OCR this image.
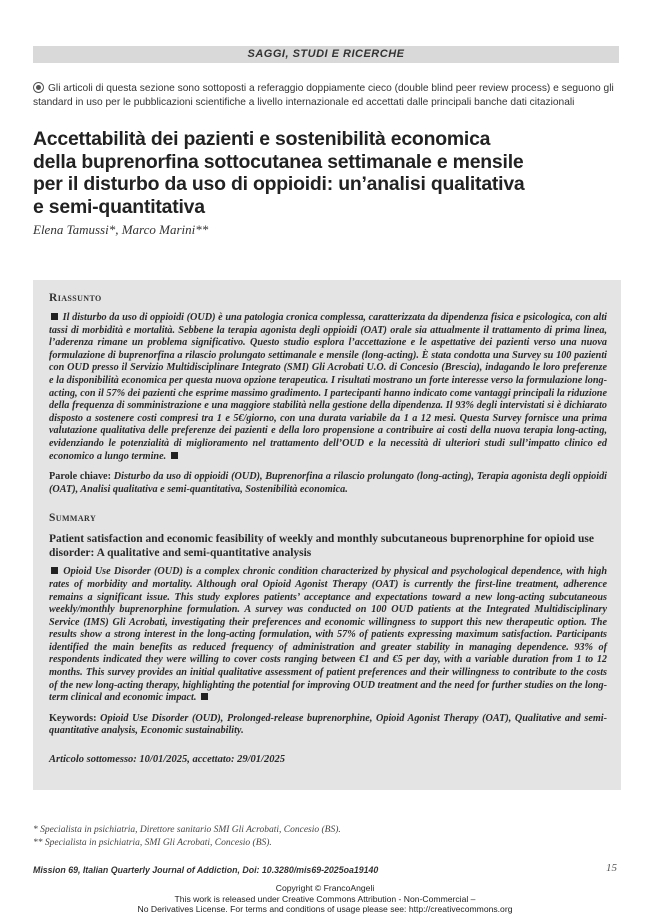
SAGGI, STUDI E RICERCHE
Gli articoli di questa sezione sono sottoposti a referaggio doppiamente cieco (double blind peer review process) e seguono gli standard in uso per le pubblicazioni scientifiche a livello internazionale ed accettati dalle principali banche dati citazionali
Accettabilità dei pazienti e sostenibilità economica
della buprenorfina sottocutanea settimanale e mensile
per il disturbo da uso di oppioidi: un’analisi qualitativa
e semi-quantitativa
Elena Tamussi*, Marco Marini**

Riassunto

Il disturbo da uso di oppioidi (OUD) è una patologia cronica complessa, caratterizzata da dipendenza fisica e psicologica, con alti tassi di morbidità e mortalità. Sebbene la terapia agonista degli oppioidi (OAT) orale sia attualmente il trattamento di prima linea, l’aderenza rimane un problema significativo. Questo studio esplora l’accettazione e le aspettative dei pazienti verso una nuova formulazione di buprenorfina a rilascio prolungato settimanale e mensile (long-acting). È stata condotta una Survey su 100 pazienti con OUD presso il Servizio Multidisciplinare Integrato (SMI) Gli Acrobati U.O. di Concesio (Brescia), indagando le loro preferenze e la disponibilità economica per questa nuova opzione terapeutica. I risultati mostrano un forte interesse verso la formulazione long-acting, con il 57% dei pazienti che esprime massimo gradimento. I partecipanti hanno indicato come vantaggi principali la riduzione della frequenza di somministrazione e una maggiore stabilità nella gestione della dipendenza. Il 93% degli intervistati si è dichiarato disposto a sostenere costi compresi tra 1 e 5€/giorno, con una durata variabile da 1 a 12 mesi. Questa Survey fornisce una prima valutazione qualitativa delle preferenze dei pazienti e della loro propensione a contribuire ai costi della nuova terapia long-acting, evidenziando le potenzialità di miglioramento nel trattamento dell’OUD e la necessità di ulteriori studi sull’impatto clinico ed economico a lungo termine.

Parole chiave: Disturbo da uso di oppioidi (OUD), Buprenorfina a rilascio prolungato (long-acting), Terapia agonista degli oppioidi (OAT), Analisi qualitativa e semi-quantitativa, Sostenibilità economica.

Summary

Patient satisfaction and economic feasibility of weekly and monthly subcutaneous buprenorphine for opioid use disorder: A qualitative and semi-quantitative analysis

Opioid Use Disorder (OUD) is a complex chronic condition characterized by physical and psychological dependence, with high rates of morbidity and mortality. Although oral Opioid Agonist Therapy (OAT) is currently the first-line treatment, adherence remains a significant issue. This study explores patients’ acceptance and expectations toward a new long-acting subcutaneous weekly/monthly buprenorphine formulation. A survey was conducted on 100 OUD patients at the Integrated Multidisciplinary Service (IMS) Gli Acrobati, investigating their preferences and economic willingness to support this new therapeutic option. The results show a strong interest in the long-acting formulation, with 57% of patients expressing maximum satisfaction. Participants identified the main benefits as reduced frequency of administration and greater stability in managing dependence. 93% of respondents indicated they were willing to cover costs ranging between €1 and €5 per day, with a variable duration from 1 to 12 months. This survey provides an initial qualitative assessment of patient preferences and their willingness to contribute to the costs of the new long-acting therapy, highlighting the potential for improving OUD treatment and the need for further studies on the long-term clinical and economic impact.

Keywords: Opioid Use Disorder (OUD), Prolonged-release buprenorphine, Opioid Agonist Therapy (OAT), Qualitative and semi-quantitative analysis, Economic sustainability.

Articolo sottomesso: 10/01/2025, accettato: 29/01/2025

* Specialista in psichiatria, Direttore sanitario SMI Gli Acrobati, Concesio (BS).
** Specialista in psichiatria, SMI Gli Acrobati, Concesio (BS).
Mission 69, Italian Quarterly Journal of Addiction, Doi: 10.3280/mis69-2025oa19140	15
Copyright © FrancoAngeli
This work is released under Creative Commons Attribution - Non-Commercial –
No Derivatives License. For terms and conditions of usage please see: http://creativecommons.org
